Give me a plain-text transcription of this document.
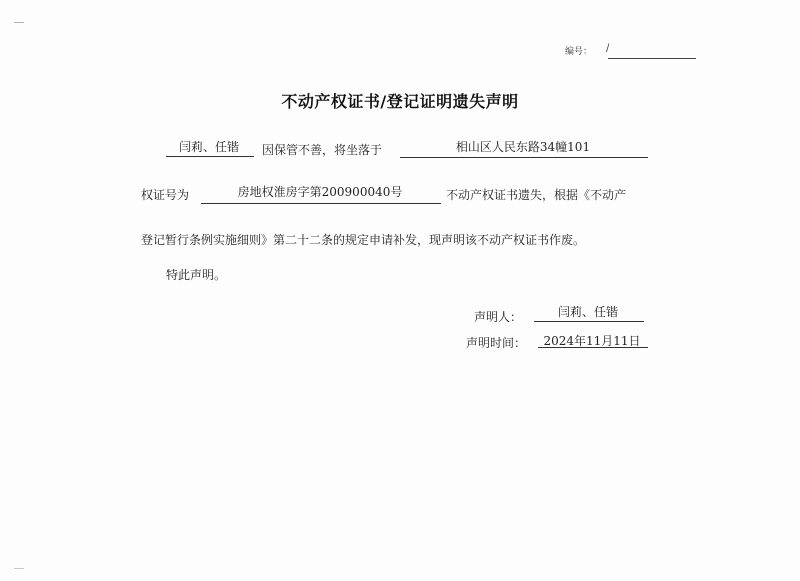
编号： /
不动产权证书/登记证明遗失声明
闫莉、任锴	因保管不善，将坐落于	相山区人民东路34幢101
权证号为	房地权淮房字第200900040号	不动产权证书遗失，根据《不动产
登记暂行条例实施细则》第二十二条的规定申请补发，现声明该不动产权证书作废。
特此声明。
声明人：	闫莉、任锴
声明时间：	2024年11月11日
